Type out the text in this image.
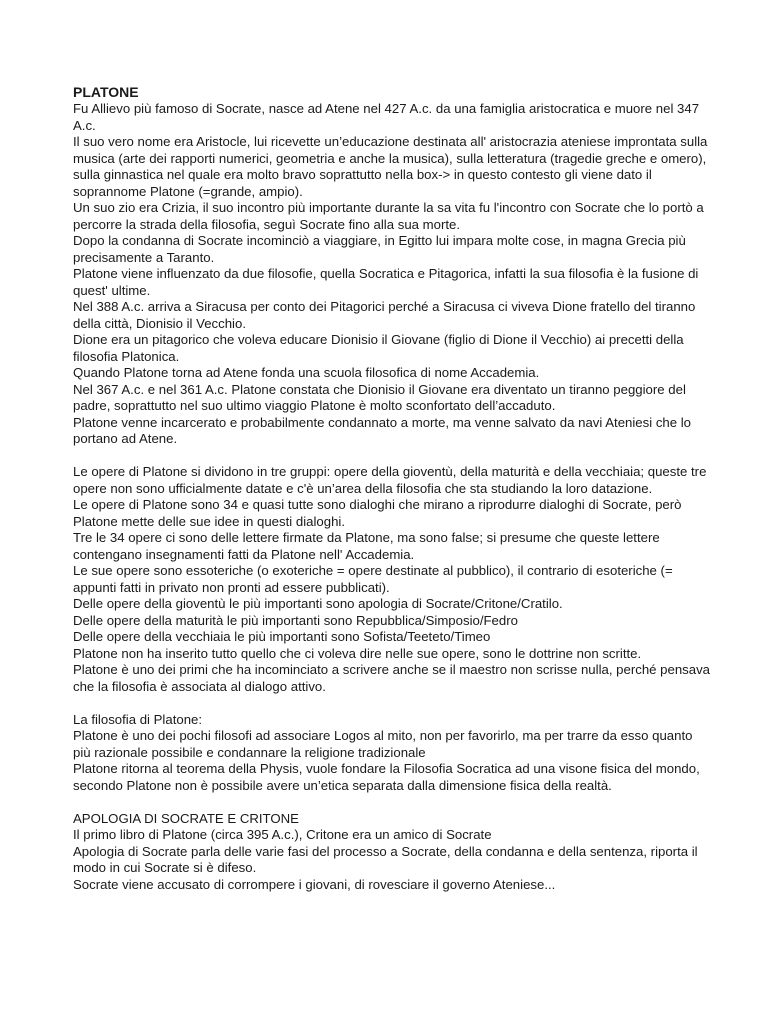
PLATONE

Fu Allievo più famoso di Socrate, nasce ad Atene nel 427 A.c. da una famiglia aristocratica e muore nel 347 A.c.

Il suo vero nome era Aristocle, lui ricevette un’educazione destinata all' aristocrazia ateniese improntata sulla musica (arte dei rapporti numerici, geometria e anche la musica), sulla letteratura (tragedie greche e omero), sulla ginnastica nel quale era molto bravo soprattutto nella box-> in questo contesto gli viene dato il soprannome Platone (=grande, ampio).

Un suo zio era Crizia, il suo incontro più importante durante la sa vita fu l'incontro con Socrate che lo portò a percorre la strada della filosofia, seguì Socrate fino alla sua morte.

Dopo la condanna di Socrate incominciò a viaggiare, in Egitto lui impara molte cose, in magna Grecia più precisamente a Taranto.

Platone viene influenzato da due filosofie, quella Socratica e Pitagorica, infatti la sua filosofia è la fusione di quest' ultime.

Nel 388 A.c. arriva a Siracusa per conto dei Pitagorici perché a Siracusa ci viveva Dione fratello del tiranno della città, Dionisio il Vecchio.

Dione era un pitagorico che voleva educare Dionisio il Giovane (figlio di Dione il Vecchio) ai precetti della filosofia Platonica.

Quando Platone torna ad Atene fonda una scuola filosofica di nome Accademia.

Nel 367 A.c. e nel 361 A.c. Platone constata che Dionisio il Giovane era diventato un tiranno peggiore del padre, soprattutto nel suo ultimo viaggio Platone è molto sconfortato dell’accaduto.

Platone venne incarcerato e probabilmente condannato a morte, ma venne salvato da navi Ateniesi che lo portano ad Atene.

Le opere di Platone si dividono in tre gruppi: opere della gioventù, della maturità e della vecchiaia; queste tre opere non sono ufficialmente datate e c'è un’area della filosofia che sta studiando la loro datazione.

Le opere di Platone sono 34 e quasi tutte sono dialoghi che mirano a riprodurre dialoghi di Socrate, però Platone mette delle sue idee in questi dialoghi.

Tre le 34 opere ci sono delle lettere firmate da Platone, ma sono false; si presume che queste lettere contengano insegnamenti fatti da Platone nell' Accademia.

Le sue opere sono essoteriche (o exoteriche = opere destinate al pubblico), il contrario di esoteriche (= appunti fatti in privato non pronti ad essere pubblicati).

Delle opere della gioventù le più importanti sono apologia di Socrate/Critone/Cratilo.

Delle opere della maturità le più importanti sono Repubblica/Simposio/Fedro

Delle opere della vecchiaia le più importanti sono Sofista/Teeteto/Timeo

Platone non ha inserito tutto quello che ci voleva dire nelle sue opere, sono le dottrine non scritte.

Platone è uno dei primi che ha incominciato a scrivere anche se il maestro non scrisse nulla, perché pensava che la filosofia è associata al dialogo attivo.

La filosofia di Platone:

Platone è uno dei pochi filosofi ad associare Logos al mito, non per favorirlo, ma per trarre da esso quanto più razionale possibile e condannare la religione tradizionale

Platone ritorna al teorema della Physis, vuole fondare la Filosofia Socratica ad una visone fisica del mondo, secondo Platone non è possibile avere un’etica separata dalla dimensione fisica della realtà.

APOLOGIA DI SOCRATE E CRITONE

Il primo libro di Platone (circa 395 A.c.), Critone era un amico di Socrate

Apologia di Socrate parla delle varie fasi del processo a Socrate, della condanna e della sentenza, riporta il modo in cui Socrate si è difeso.

Socrate viene accusato di corrompere i giovani, di rovesciare il governo Ateniese...
